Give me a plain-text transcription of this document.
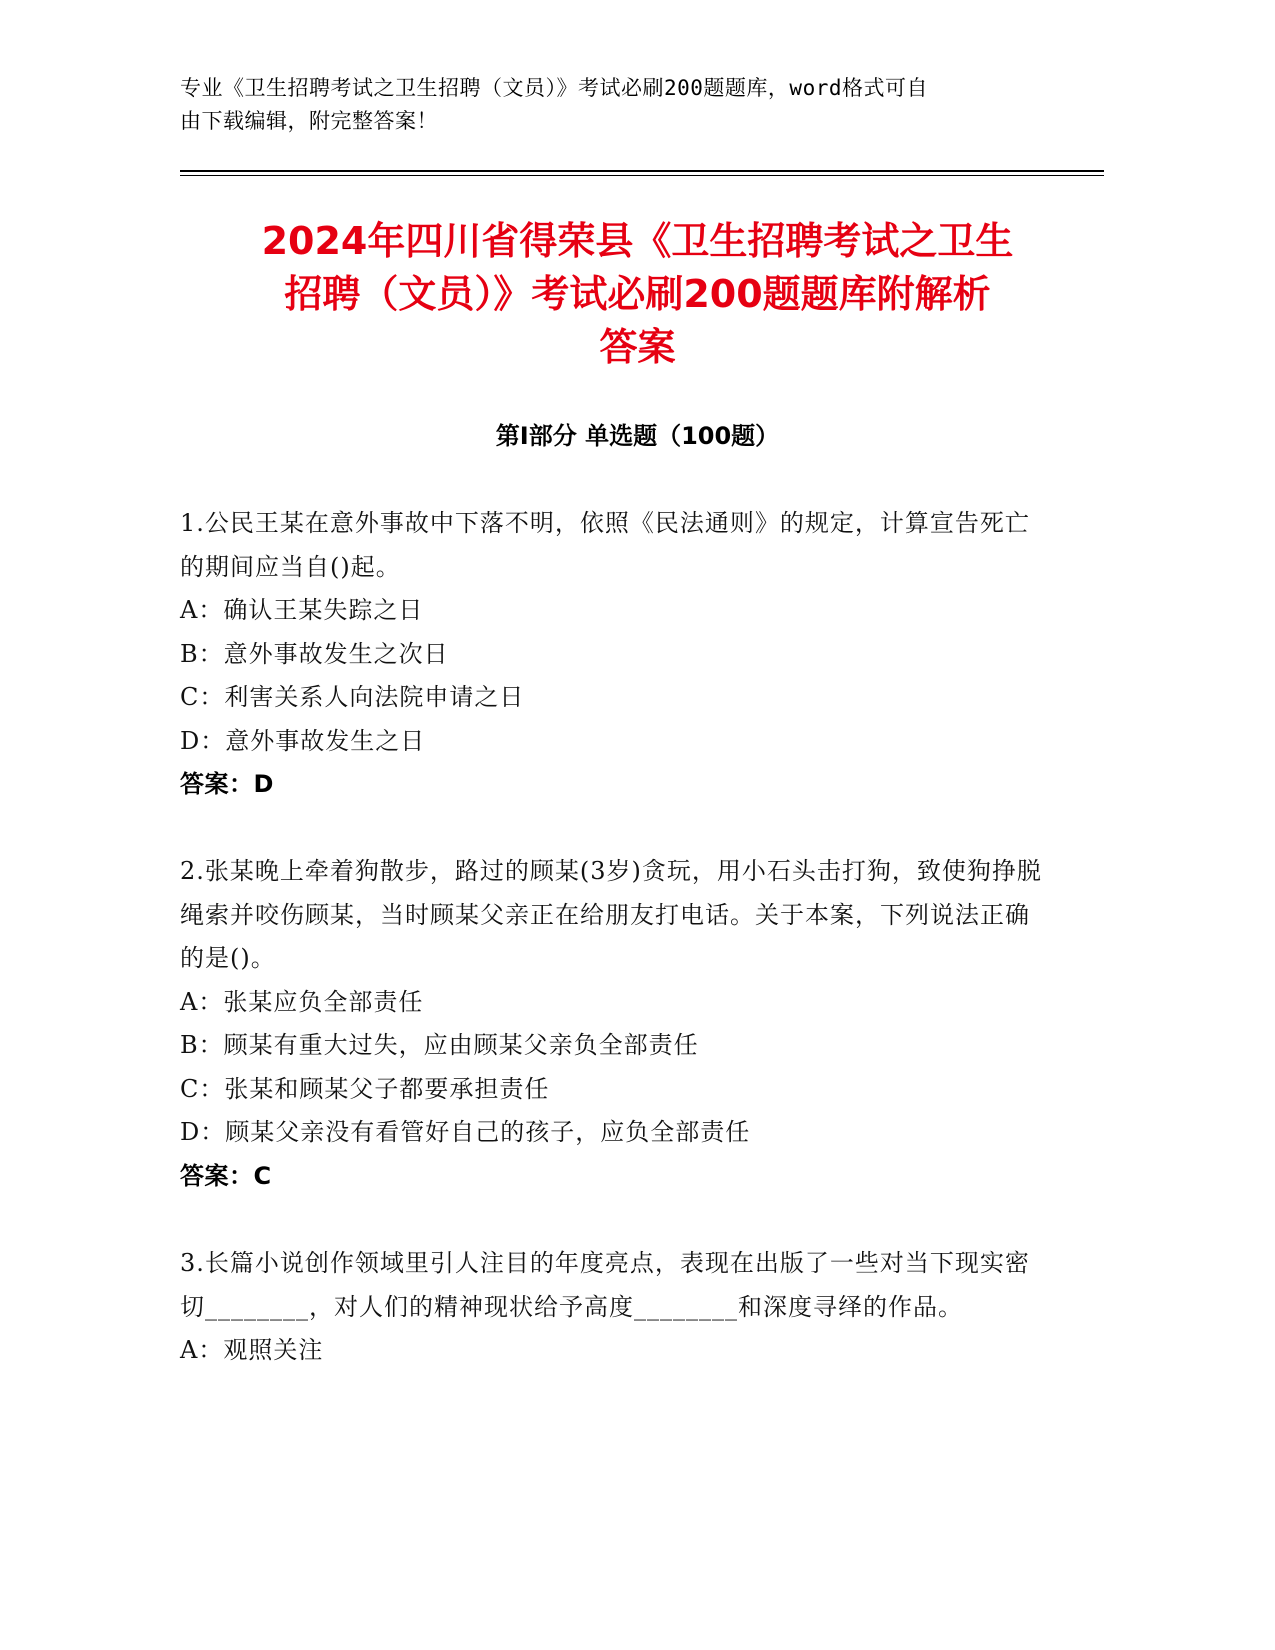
专业《卫生招聘考试之卫生招聘（文员）》考试必刷200题题库，word格式可自
由下载编辑，附完整答案！
2024年四川省得荣县《卫生招聘考试之卫生
招聘（文员）》考试必刷200题题库附解析
答案
第Ⅰ部分 单选题（100题）

1.公民王某在意外事故中下落不明，依照《民法通则》的规定，计算宣告死亡的期间应当自()起。

A：确认王某失踪之日

B：意外事故发生之次日

C：利害关系人向法院申请之日

D：意外事故发生之日

答案：D

2.张某晚上牵着狗散步，路过的顾某(3岁)贪玩，用小石头击打狗，致使狗挣脱绳索并咬伤顾某，当时顾某父亲正在给朋友打电话。关于本案，下列说法正确的是()。

A：张某应负全部责任

B：顾某有重大过失，应由顾某父亲负全部责任

C：张某和顾某父子都要承担责任

D：顾某父亲没有看管好自己的孩子，应负全部责任

答案：C

3.长篇小说创作领域里引人注目的年度亮点，表现在出版了一些对当下现实密切________，对人们的精神现状给予高度________和深度寻绎的作品。

A：观照关注
